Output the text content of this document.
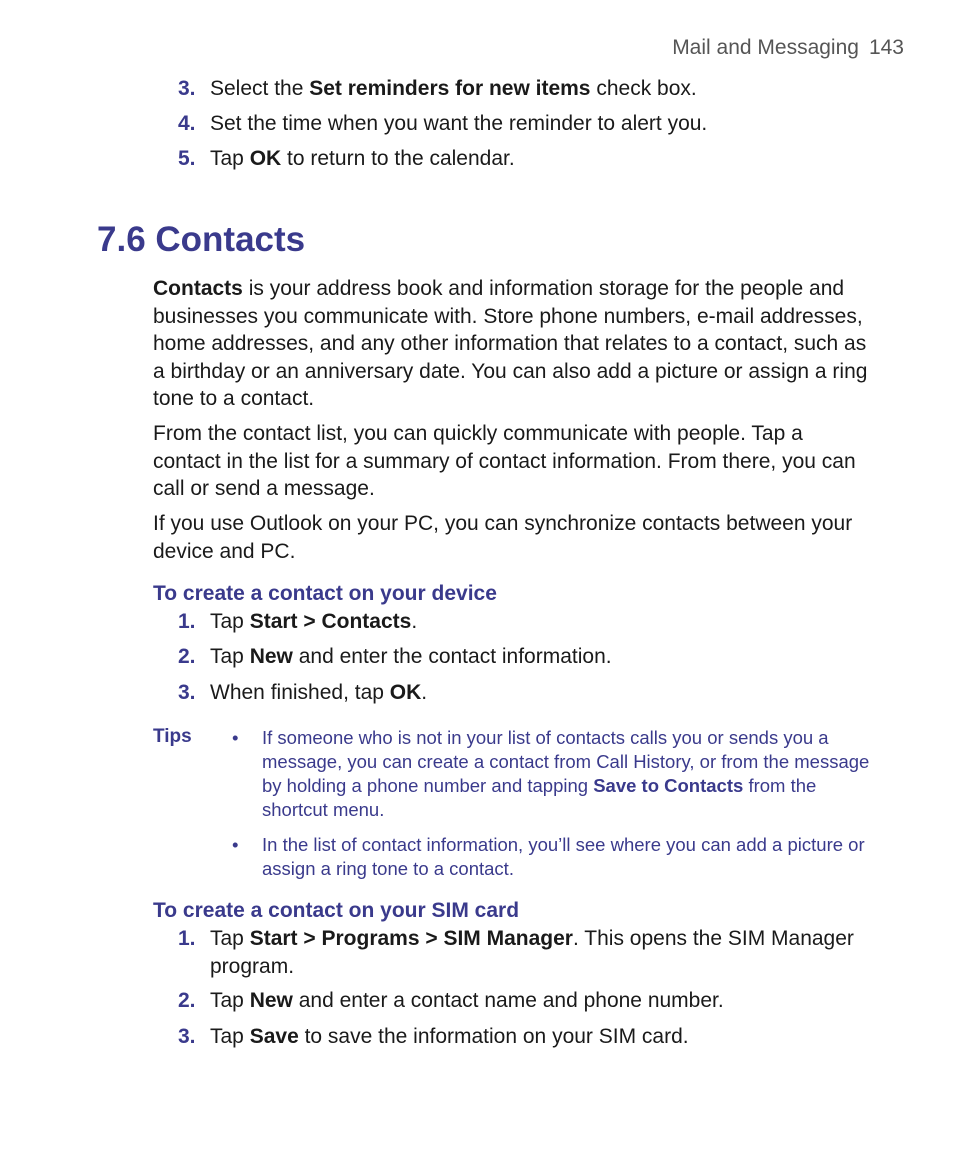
Mail and Messaging 143
3. Select the Set reminders for new items check box.
4. Set the time when you want the reminder to alert you.
5. Tap OK to return to the calendar.
7.6 Contacts

Contacts is your address book and information storage for the people and businesses you communicate with. Store phone numbers, e-mail addresses, home addresses, and any other information that relates to a contact, such as a birthday or an anniversary date. You can also add a picture or assign a ring tone to a contact.

From the contact list, you can quickly communicate with people. Tap a contact in the list for a summary of contact information. From there, you can call or send a message.

If you use Outlook on your PC, you can synchronize contacts between your device and PC.

To create a contact on your device
1. Tap Start > Contacts.
2. Tap New and enter the contact information.
3. When finished, tap OK.
Tips • If someone who is not in your list of contacts calls you or sends you a message, you can create a contact from Call History, or from the message by holding a phone number and tapping Save to Contacts from the shortcut menu.
• In the list of contact information, you’ll see where you can add a picture or assign a ring tone to a contact.
To create a contact on your SIM card
1. Tap Start > Programs > SIM Manager. This opens the SIM Manager program.
2. Tap New and enter a contact name and phone number.
3. Tap Save to save the information on your SIM card.
